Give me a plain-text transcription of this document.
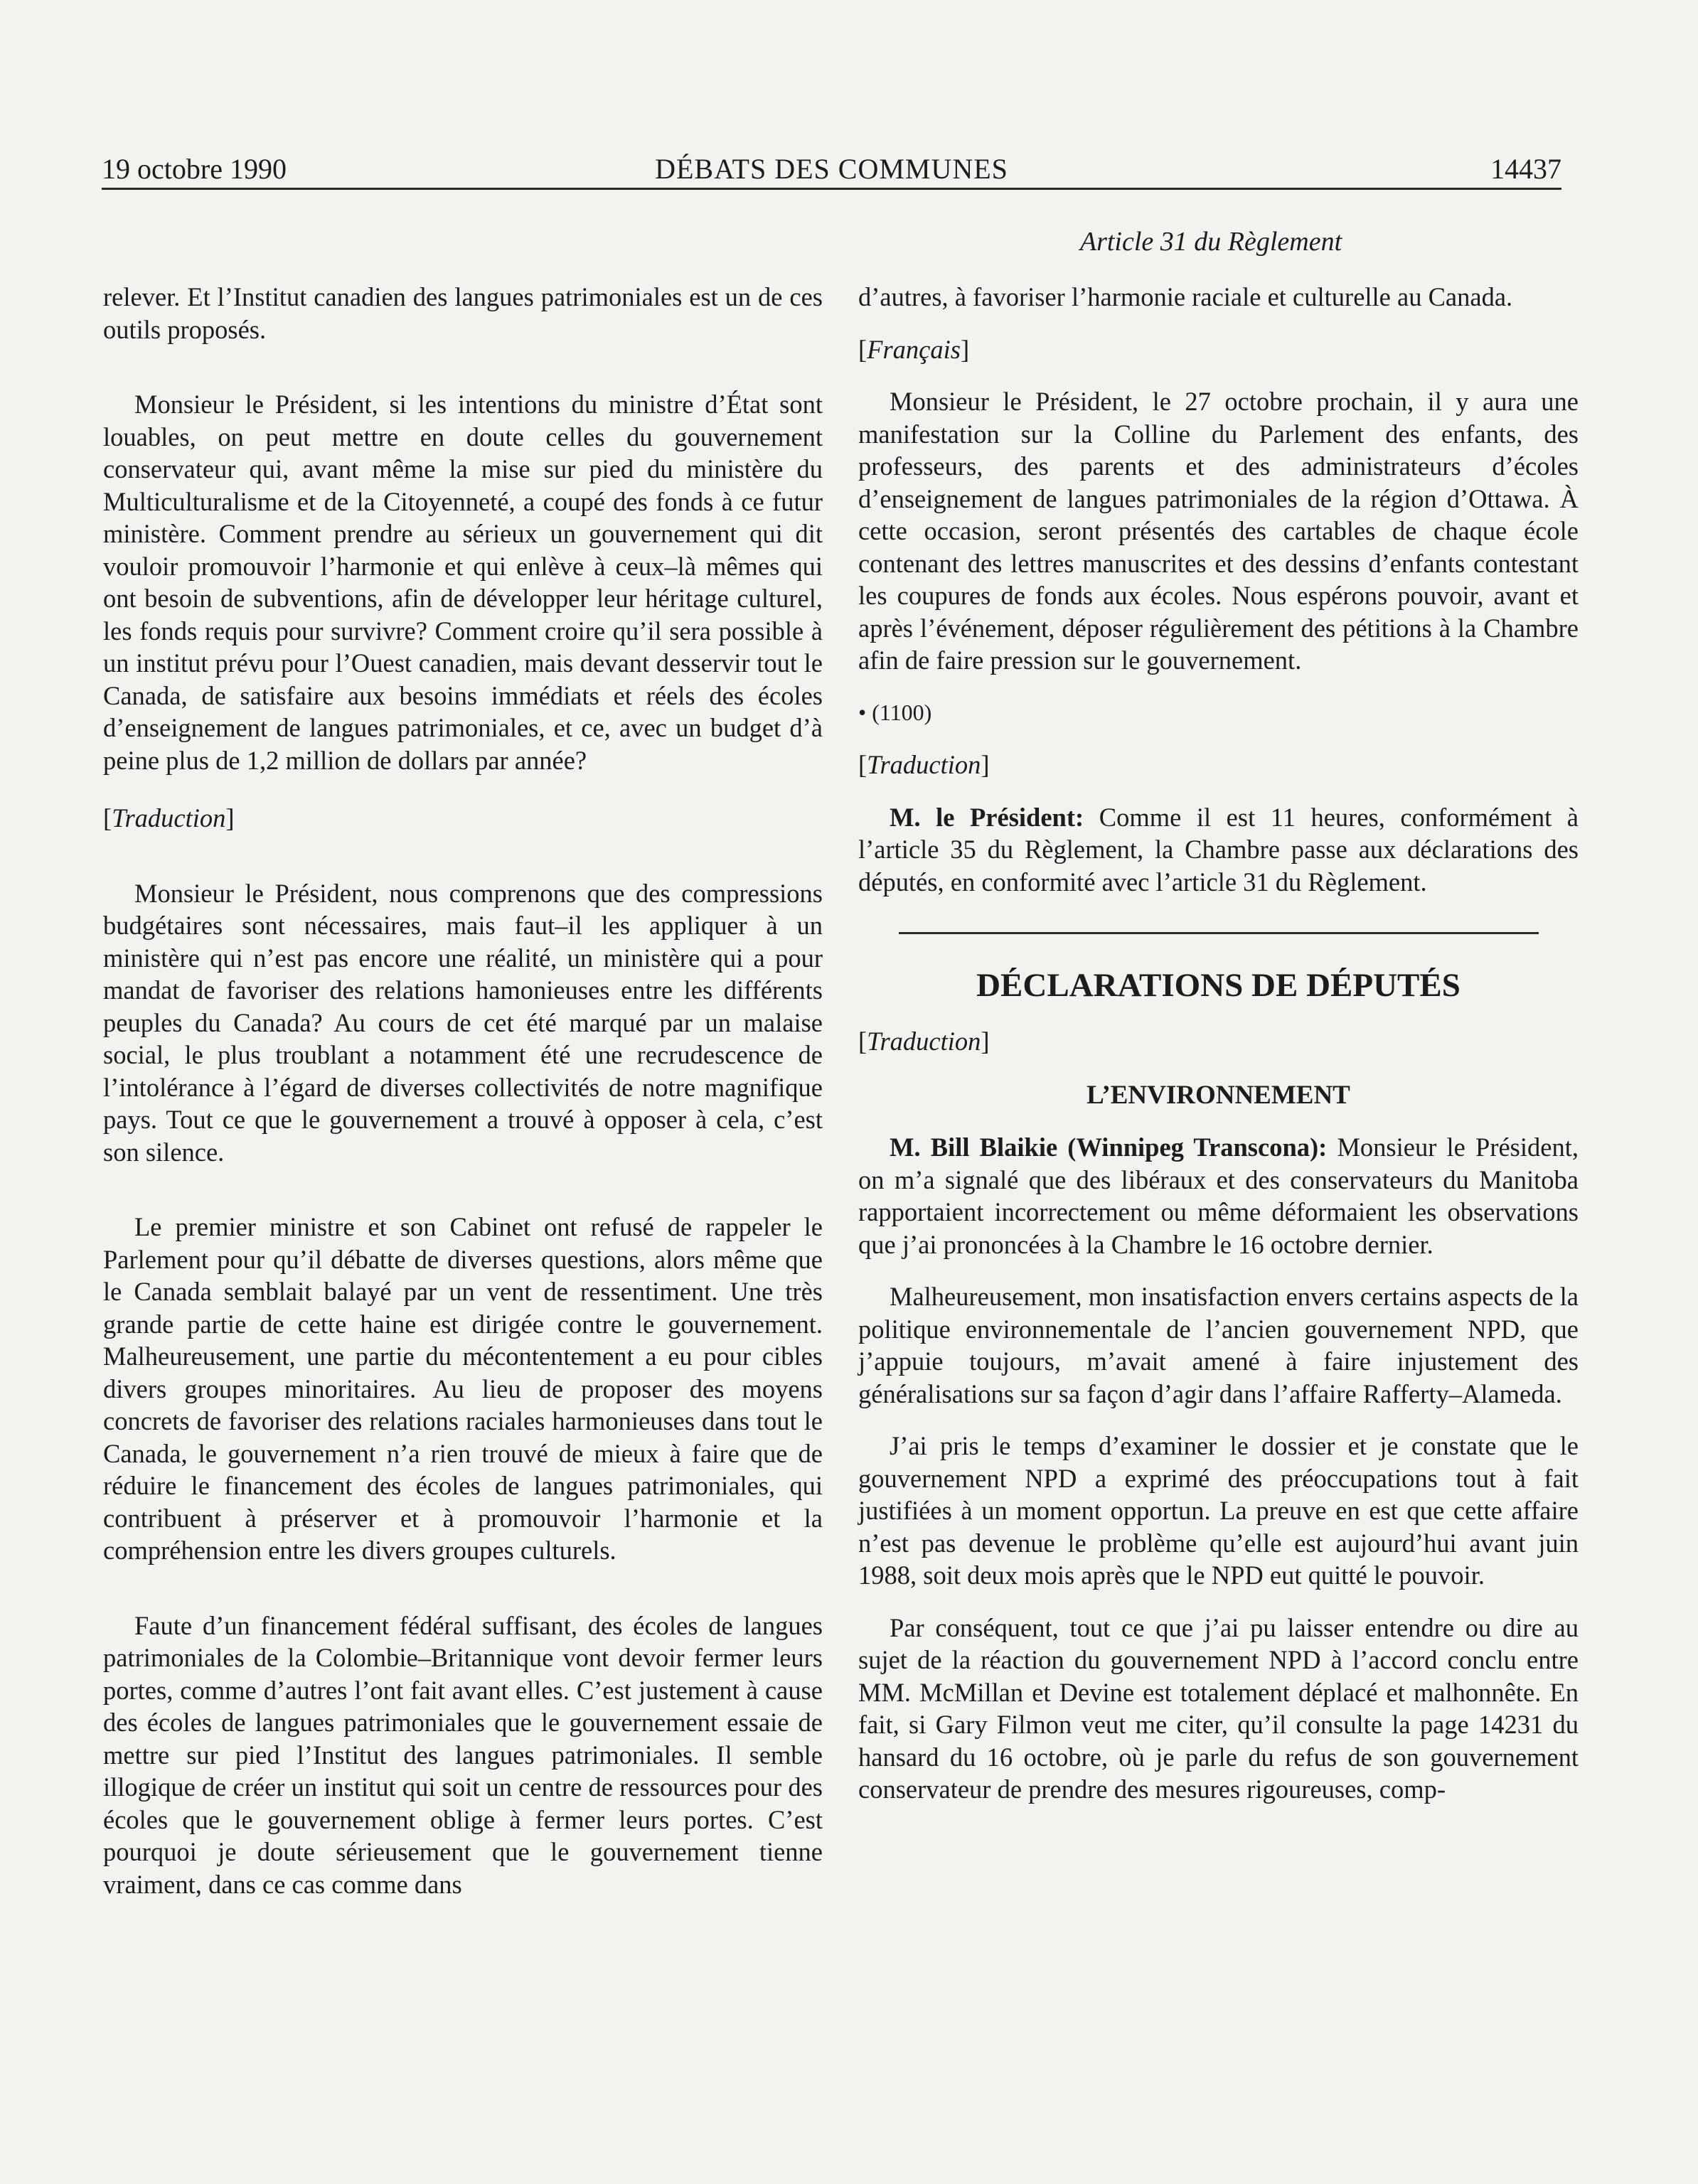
19 octobre 1990	DÉBATS DES COMMUNES	14437
Article 31 du Règlement

relever. Et l’Institut canadien des langues patrimoniales est un de ces outils proposés.

Monsieur le Président, si les intentions du ministre d’État sont louables, on peut mettre en doute celles du gouvernement conservateur qui, avant même la mise sur pied du ministère du Multiculturalisme et de la Citoyenneté, a coupé des fonds à ce futur ministère. Comment prendre au sérieux un gouvernement qui dit vouloir promouvoir l’harmonie et qui enlève à ceux–là mêmes qui ont besoin de subventions, afin de développer leur héritage culturel, les fonds requis pour survivre? Comment croire qu’il sera possible à un institut prévu pour l’Ouest canadien, mais devant desservir tout le Canada, de satisfaire aux besoins immédiats et réels des écoles d’enseignement de langues patrimoniales, et ce, avec un budget d’à peine plus de 1,2 million de dollars par année?

[Traduction]

Monsieur le Président, nous comprenons que des compressions budgétaires sont nécessaires, mais faut–il les appliquer à un ministère qui n’est pas encore une réalité, un ministère qui a pour mandat de favoriser des relations hamonieuses entre les différents peuples du Canada? Au cours de cet été marqué par un malaise social, le plus troublant a notamment été une recrudescence de l’intolérance à l’égard de diverses collectivités de notre magnifique pays. Tout ce que le gouvernement a trouvé à opposer à cela, c’est son silence.

Le premier ministre et son Cabinet ont refusé de rappeler le Parlement pour qu’il débatte de diverses questions, alors même que le Canada semblait balayé par un vent de ressentiment. Une très grande partie de cette haine est dirigée contre le gouvernement. Malheureusement, une partie du mécontentement a eu pour cibles divers groupes minoritaires. Au lieu de proposer des moyens concrets de favoriser des relations raciales harmonieuses dans tout le Canada, le gouvernement n’a rien trouvé de mieux à faire que de réduire le financement des écoles de langues patrimoniales, qui contribuent à préserver et à promouvoir l’harmonie et la compréhension entre les divers groupes culturels.

Faute d’un financement fédéral suffisant, des écoles de langues patrimoniales de la Colombie–Britannique vont devoir fermer leurs portes, comme d’autres l’ont fait avant elles. C’est justement à cause des écoles de langues patrimoniales que le gouvernement essaie de mettre sur pied l’Institut des langues patrimoniales. Il semble illogique de créer un institut qui soit un centre de ressources pour des écoles que le gouvernement oblige à fermer leurs portes. C’est pourquoi je doute sérieusement que le gouvernement tienne vraiment, dans ce cas comme dans

d’autres, à favoriser l’harmonie raciale et culturelle au Canada.

[Français]

Monsieur le Président, le 27 octobre prochain, il y aura une manifestation sur la Colline du Parlement des enfants, des professeurs, des parents et des administrateurs d’écoles d’enseignement de langues patrimoniales de la région d’Ottawa. À cette occasion, seront présentés des cartables de chaque école contenant des lettres manuscrites et des dessins d’enfants contestant les coupures de fonds aux écoles. Nous espérons pouvoir, avant et après l’événement, déposer régulièrement des pétitions à la Chambre afin de faire pression sur le gouvernement.

• (1100)

[Traduction]

M. le Président: Comme il est 11 heures, conformément à l’article 35 du Règlement, la Chambre passe aux déclarations des députés, en conformité avec l’article 31 du Règlement.

DÉCLARATIONS DE DÉPUTÉS

[Traduction]

L’ENVIRONNEMENT

M. Bill Blaikie (Winnipeg Transcona): Monsieur le Président, on m’a signalé que des libéraux et des conservateurs du Manitoba rapportaient incorrectement ou même déformaient les observations que j’ai prononcées à la Chambre le 16 octobre dernier.

Malheureusement, mon insatisfaction envers certains aspects de la politique environnementale de l’ancien gouvernement NPD, que j’appuie toujours, m’avait amené à faire injustement des généralisations sur sa façon d’agir dans l’affaire Rafferty–Alameda.

J’ai pris le temps d’examiner le dossier et je constate que le gouvernement NPD a exprimé des préoccupations tout à fait justifiées à un moment opportun. La preuve en est que cette affaire n’est pas devenue le problème qu’elle est aujourd’hui avant juin 1988, soit deux mois après que le NPD eut quitté le pouvoir.

Par conséquent, tout ce que j’ai pu laisser entendre ou dire au sujet de la réaction du gouvernement NPD à l’accord conclu entre MM. McMillan et Devine est totalement déplacé et malhonnête. En fait, si Gary Filmon veut me citer, qu’il consulte la page 14231 du hansard du 16 octobre, où je parle du refus de son gouvernement conservateur de prendre des mesures rigoureuses, comp-
